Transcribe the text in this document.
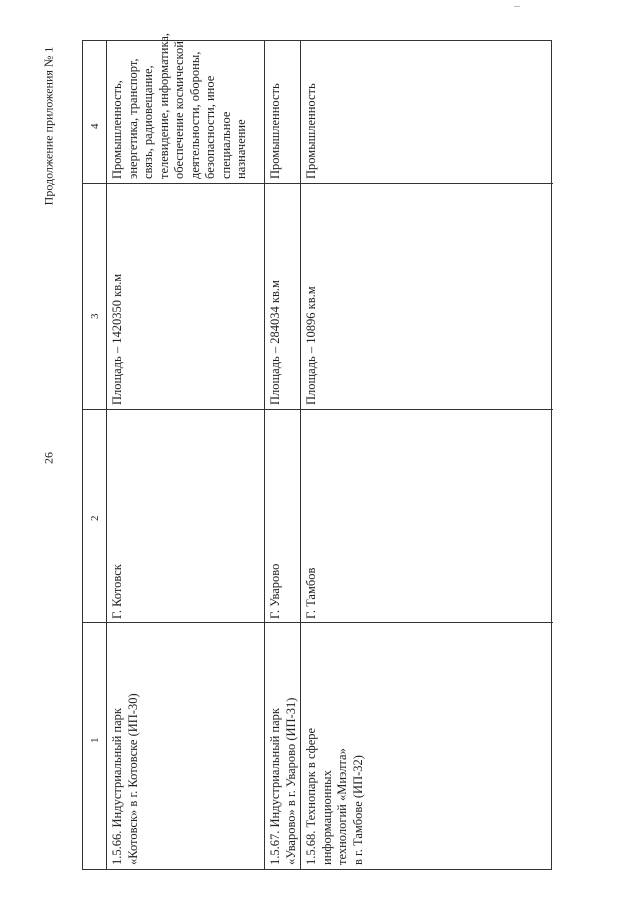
26
Продолжение приложения № 1	4
3
2
1 1.5.66. Индустриальный парк «Котовск» в г. Котовске (ИП-30)
Г. Котовск
Площадь – 1420350 кв.м
Промышленность, энергетика, транспорт, связь, радиовещание, телевидение, информатика, обеспечение космической деятельности, обороны, безопасности, иное специальное назначение
1.5.67. Индустриальный парк «Уварово» в г. Уварово (ИП-31)
Г. Уварово
Площадь – 284034 кв.м
Промышленность
1.5.68. Технопарк в сфере информационных технологий «Миэлта» в г. Тамбове (ИП-32)
Г. Тамбов
Площадь – 10896 кв.м
Промышленность
